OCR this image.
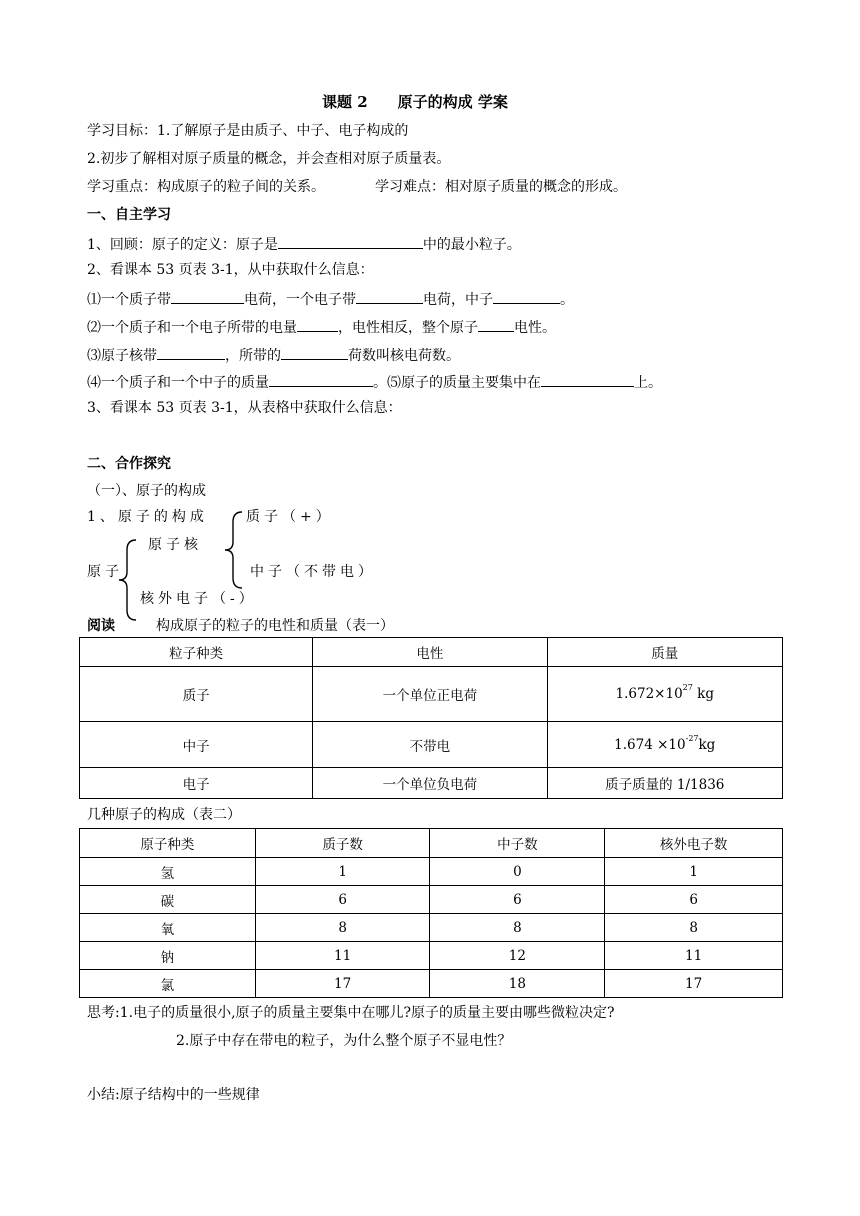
课题 2　　原子的构成 学案
学习目标：1.了解原子是由质子、中子、电子构成的
2.初步了解相对原子质量的概念，并会查相对原子质量表。
学习重点：构成原子的粒子间的关系。	学习难点：相对原子质量的概念的形成。
一、自主学习
1、回顾：原子的定义：原子是	中的最小粒子。
2、看课本 53 页表 3-1，从中获取什么信息：
⑴一个质子带	电荷，一个电子带	电荷，中子	。
⑵一个质子和一个电子所带的电量	，电性相反，整个原子	电性。
⑶原子核带	，所带的	荷数叫核电荷数。
⑷一个质子和一个中子的质量	。⑸原子的质量主要集中在	上。
3、看课本 53 页表 3-1，从表格中获取什么信息：
二、合作探究
（一）、原子的构成
1、原子的构成	质子（+）
原子核
原子	中子（不带电）
核外电子（-）
阅读	构成原子的粒子的电性和质量（表一）
粒子种类	电性	质量
质子	一个单位正电荷	$1.672\times 10^{27}$ kg
中子	不带电	$1.674 \times 10^{-27}kg$
电子	一个单位负电荷	质子质量的 1/1836
几种原子的构成（表二）
原子种类	质子数	中子数	核外电子数
氢	1	0	1
碳	6	6	6
氧	8	8	8
钠	11	12	11
氯	17	18	17
思考:1.电子的质量很小,原子的质量主要集中在哪儿?原子的质量主要由哪些微粒决定?
2.原子中存在带电的粒子，为什么整个原子不显电性？
小结:原子结构中的一些规律
